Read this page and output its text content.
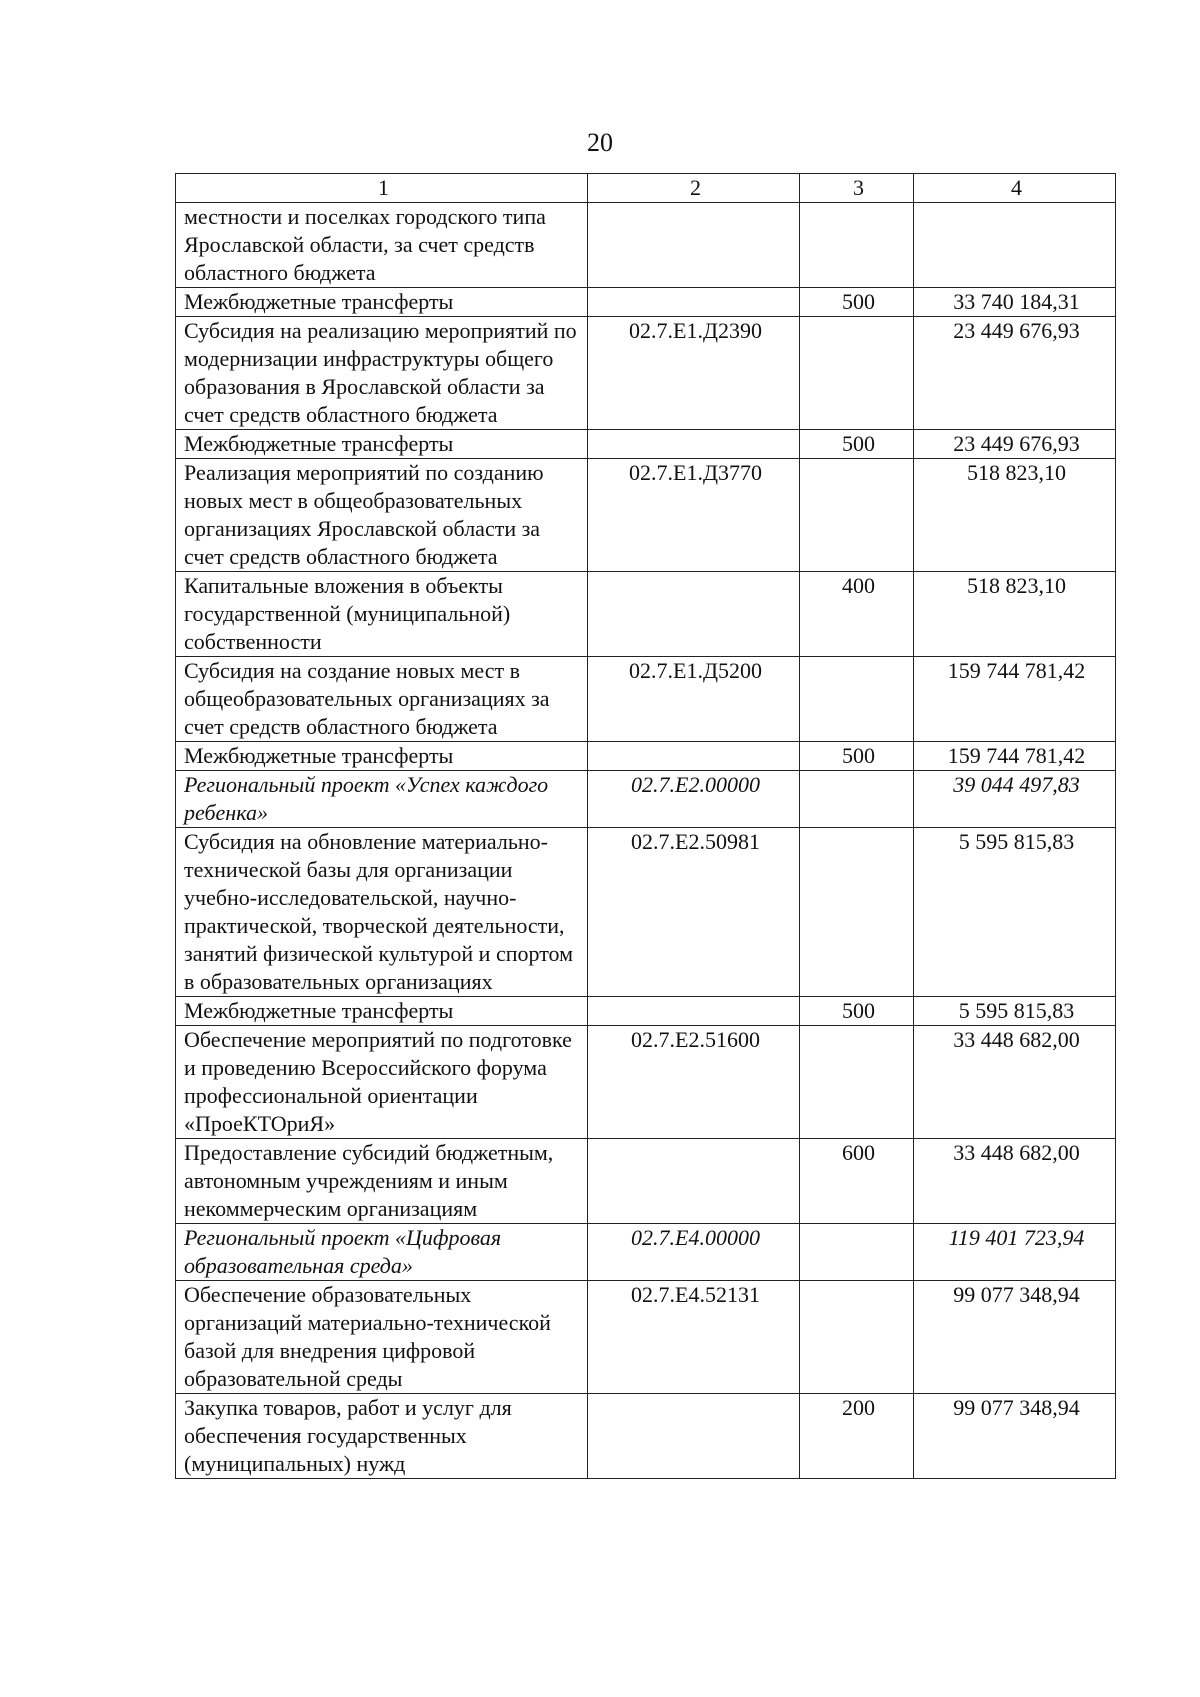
20
1	2	3	4
местности и поселках городского типа Ярославской области, за счет средств областного бюджета			
Межбюджетные трансферты		500	33 740 184,31
Субсидия на реализацию мероприятий по модернизации инфраструктуры общего образования в Ярославской области за счет средств областного бюджета	02.7.Е1.Д2390		23 449 676,93
Межбюджетные трансферты		500	23 449 676,93
Реализация мероприятий по созданию новых мест в общеобразовательных организациях Ярославской области за счет средств областного бюджета	02.7.Е1.Д3770		518 823,10
Капитальные вложения в объекты государственной (муниципальной) собственности		400	518 823,10
Субсидия на создание новых мест в общеобразовательных организациях за счет средств областного бюджета	02.7.Е1.Д5200		159 744 781,42
Межбюджетные трансферты		500	159 744 781,42
Региональный проект «Успех каждого ребенка»	02.7.Е2.00000		39 044 497,83
Субсидия на обновление материально-технической базы для организации учебно-исследовательской, научно-практической, творческой деятельности, занятий физической культурой и спортом в образовательных организациях	02.7.Е2.50981		5 595 815,83
Межбюджетные трансферты		500	5 595 815,83
Обеспечение мероприятий по подготовке и проведению Всероссийского форума профессиональной ориентации «ПроеКТОриЯ»	02.7.Е2.51600		33 448 682,00
Предоставление субсидий бюджетным, автономным учреждениям и иным некоммерческим организациям		600	33 448 682,00
Региональный проект «Цифровая образовательная среда»	02.7.Е4.00000		119 401 723,94
Обеспечение образовательных организаций материально-технической базой для внедрения цифровой образовательной среды	02.7.Е4.52131		99 077 348,94
Закупка товаров, работ и услуг для обеспечения государственных (муниципальных) нужд		200	99 077 348,94
